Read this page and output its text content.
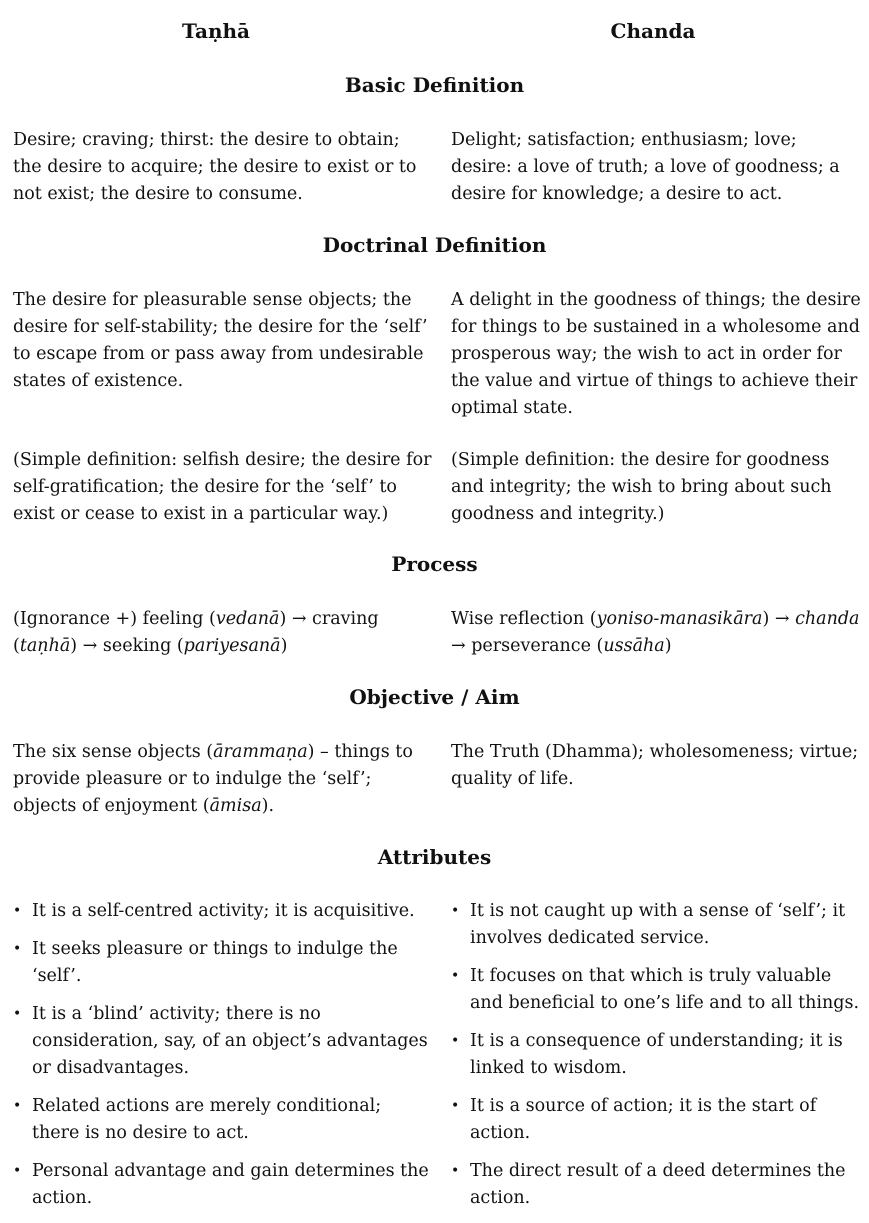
Taṇhā	Chanda
Basic Definition

Desire; craving; thirst: the desire to obtain; the desire to acquire; the desire to exist or to not exist; the desire to consume.

Delight; satisfaction; enthusiasm; love; desire: a love of truth; a love of goodness; a desire for knowledge; a desire to act.

Doctrinal Definition

The desire for pleasurable sense objects; the desire for self-stability; the desire for the ‘self’ to escape from or pass away from undesirable states of existence.

A delight in the goodness of things; the desire for things to be sustained in a wholesome and prosperous way; the wish to act in order for the value and virtue of things to achieve their optimal state.

(Simple definition: selfish desire; the desire for self-gratification; the desire for the ‘self’ to exist or cease to exist in a particular way.)

(Simple definition: the desire for goodness and integrity; the wish to bring about such goodness and integrity.)

Process

(Ignorance +) feeling (vedanā) → craving (taṇhā) → seeking (pariyesanā)

Wise reflection (yoniso-manasikāra) → chanda → perseverance (ussāha)

Objective / Aim

The six sense objects (ārammaṇa) – things to provide pleasure or to indulge the ‘self’; objects of enjoyment (āmisa).

The Truth (Dhamma); wholesomeness; virtue; quality of life.

Attributes
• It is a self-centred activity; it is acquisitive.
• It seeks pleasure or things to indulge the ‘self’.
• It is a ‘blind’ activity; there is no consideration, say, of an object’s advantages or disadvantages.
• Related actions are merely conditional; there is no desire to act.
• Personal advantage and gain determines the action.
• It is not caught up with a sense of ‘self’; it involves dedicated service.
• It focuses on that which is truly valuable and beneficial to one’s life and to all things.
• It is a consequence of understanding; it is linked to wisdom.
• It is a source of action; it is the start of action.
• The direct result of a deed determines the action.
